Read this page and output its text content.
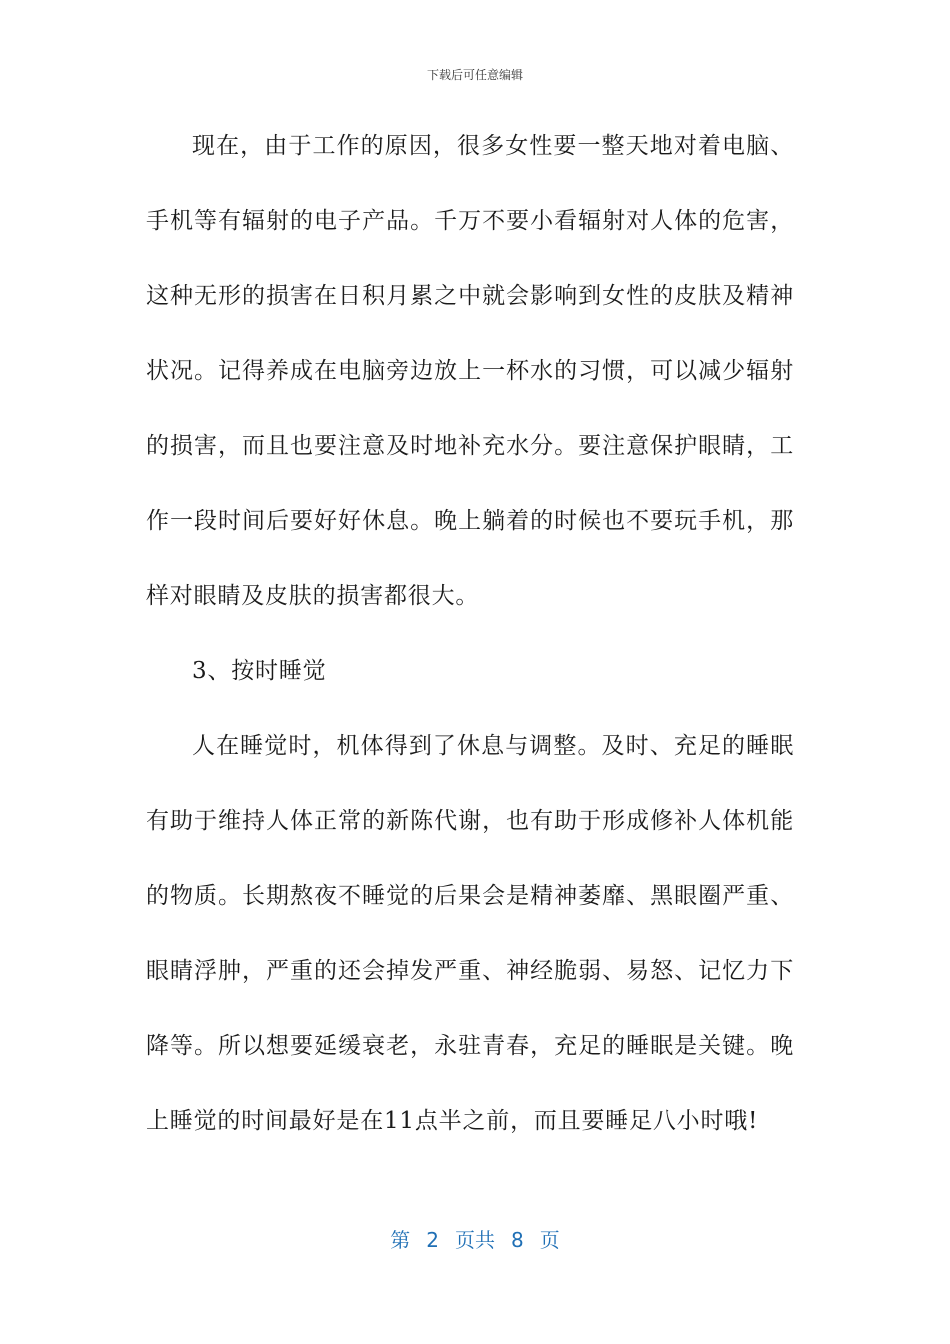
下载后可任意编辑
现在，由于工作的原因，很多女性要一整天地对着电脑、
手机等有辐射的电子产品。千万不要小看辐射对人体的危害，
这种无形的损害在日积月累之中就会影响到女性的皮肤及精神
状况。记得养成在电脑旁边放上一杯水的习惯，可以减少辐射
的损害，而且也要注意及时地补充水分。要注意保护眼睛，工
作一段时间后要好好休息。晚上躺着的时候也不要玩手机，那
样对眼睛及皮肤的损害都很大。
3、按时睡觉
人在睡觉时，机体得到了休息与调整。及时、充足的睡眠
有助于维持人体正常的新陈代谢，也有助于形成修补人体机能
的物质。长期熬夜不睡觉的后果会是精神萎靡、黑眼圈严重、
眼睛浮肿，严重的还会掉发严重、神经脆弱、易怒、记忆力下
降等。所以想要延缓衰老，永驻青春，充足的睡眠是关键。晚
上睡觉的时间最好是在11点半之前，而且要睡足八小时哦!
第 2 页共 8 页
